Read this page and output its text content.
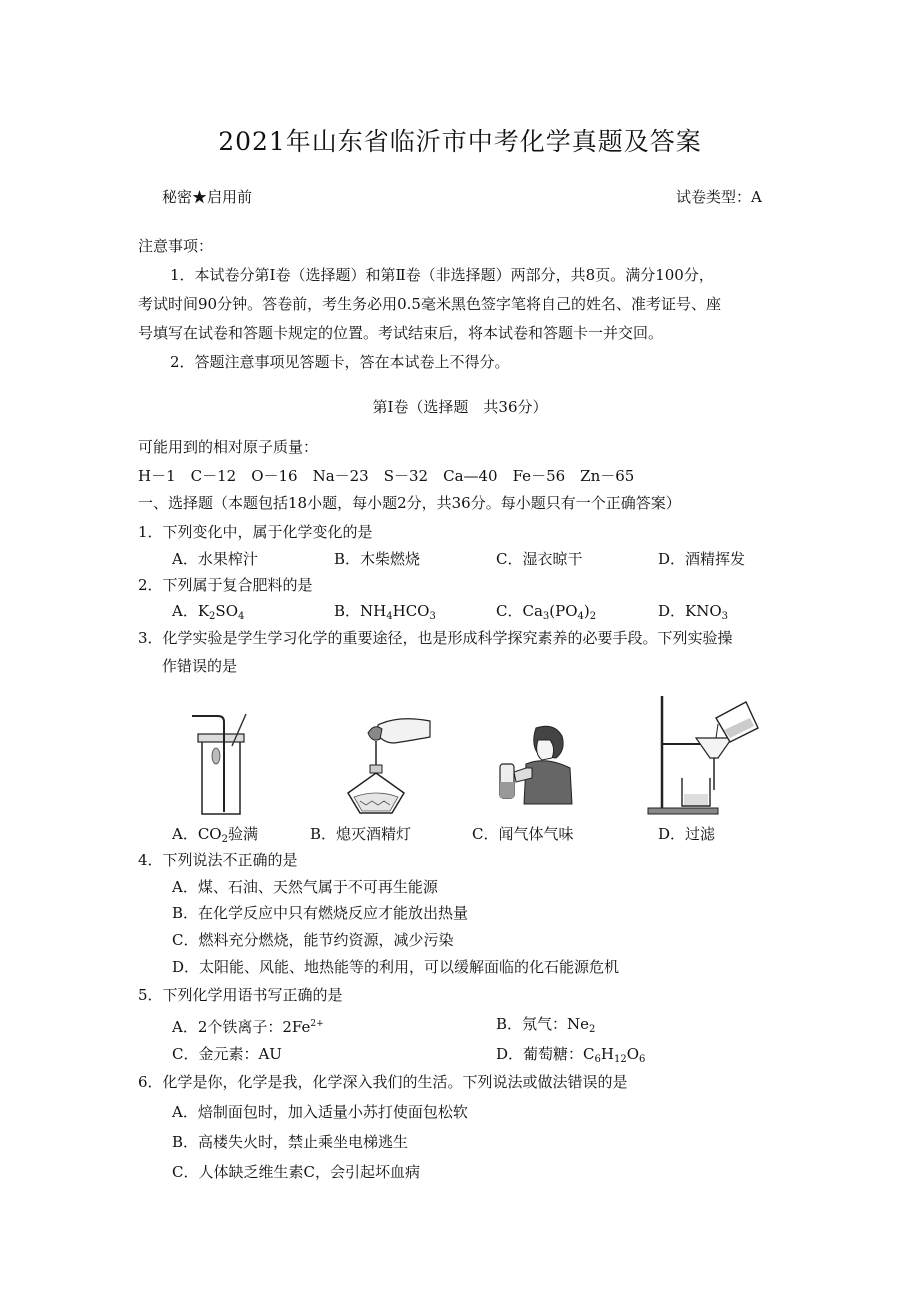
2021年山东省临沂市中考化学真题及答案
秘密★启用前	试卷类型：A
注意事项：
1．本试卷分第Ⅰ卷（选择题）和第Ⅱ卷（非选择题）两部分，共8页。满分100分，
考试时间90分钟。答卷前，考生务必用0.5毫米黑色签字笔将自己的姓名、准考证号、座
号填写在试卷和答题卡规定的位置。考试结束后，将本试卷和答题卡一并交回。
2．答题注意事项见答题卡，答在本试卷上不得分。
第Ⅰ卷（选择题　共36分）
可能用到的相对原子质量：
H－1　C－12　O－16　Na－23　S－32　Ca—40　Fe－56　Zn－65
一、选择题（本题包括18小题，每小题2分，共36分。每小题只有一个正确答案）
1．下列变化中，属于化学变化的是
A．水果榨汁	B．木柴燃烧	C．湿衣晾干	D．酒精挥发
2．下列属于复合肥料的是
A．$K_2SO_4$	B．$NH_4HCO_3$	C．$Ca_3(PO_4)_2$	D．$KNO_3$
3．化学实验是学生学习化学的重要途径，也是形成科学探究素养的必要手段。下列实验操
作错误的是
A．$CO_2$验满	B．熄灭酒精灯	C．闻气体气味	D．过滤
4．下列说法不正确的是
A．煤、石油、天然气属于不可再生能源
B．在化学反应中只有燃烧反应才能放出热量
C．燃料充分燃烧，能节约资源，减少污染
D．太阳能、风能、地热能等的利用，可以缓解面临的化石能源危机
5．下列化学用语书写正确的是
A．2个铁离子：$2Fe^{2+}$	B．氖气：$Ne_2$
C．金元素：AU	D．葡萄糖：$C_6H_{12}O_6$
6．化学是你，化学是我，化学深入我们的生活。下列说法或做法错误的是
A．焙制面包时，加入适量小苏打使面包松软
B．高楼失火时，禁止乘坐电梯逃生
C．人体缺乏维生素C，会引起坏血病
